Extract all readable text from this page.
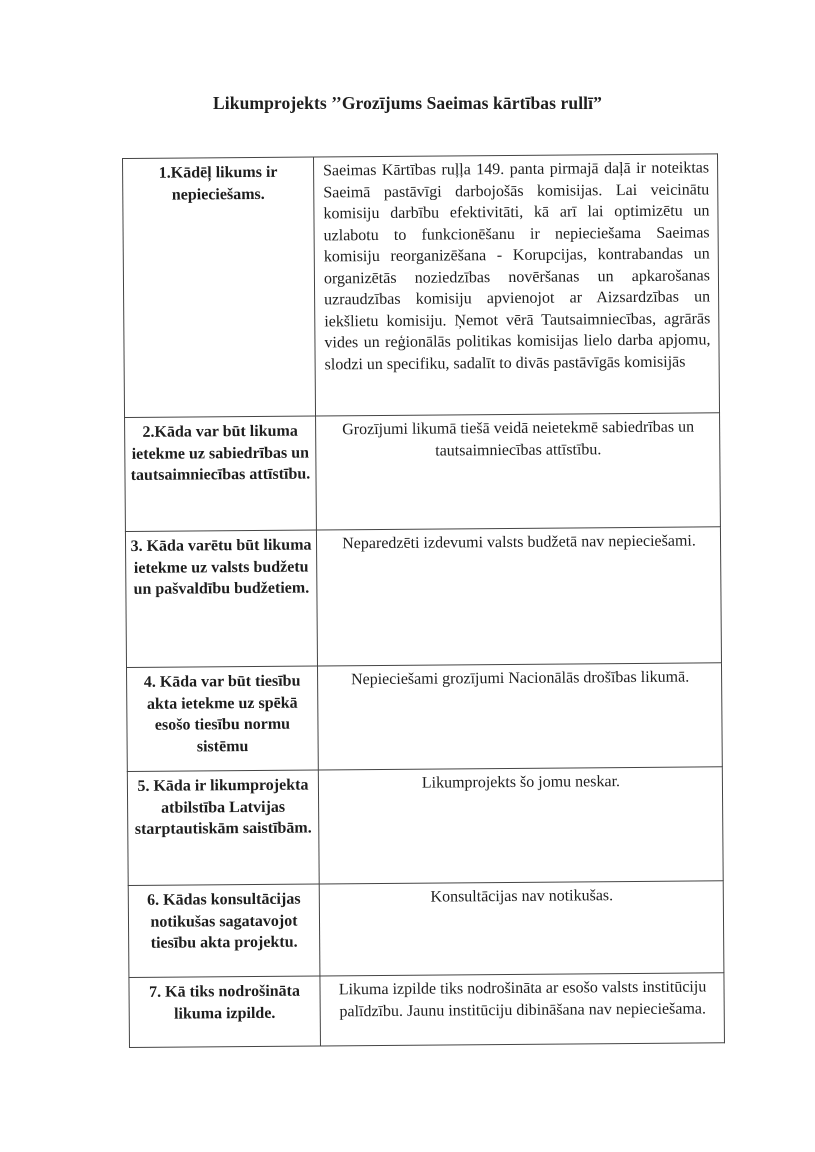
Likumprojekts ’’Grozījums Saeimas kārtības rullī”
1.Kādēļ likums ir nepieciešams.	Saeimas Kārtības ruļļa 149. panta pirmajā daļā ir noteiktas Saeimā pastāvīgi darbojošās komisijas. Lai veicinātu komisiju darbību efektivitāti, kā arī lai optimizētu un uzlabotu to funkcionēšanu ir nepieciešama Saeimas komisiju reorganizēšana - Korupcijas, kontrabandas un organizētās noziedzības novēršanas un apkarošanas uzraudzības komisiju apvienojot ar Aizsardzības un iekšlietu komisiju. Ņemot vērā Tautsaimniecības, agrārās vides un reģionālās politikas komisijas lielo darba apjomu, slodzi un specifiku, sadalīt to divās pastāvīgās komisijās

2.Kāda var būt likuma ietekme uz sabiedrības un tautsaimniecības attīstību.	Grozījumi likumā tiešā veidā neietekmē sabiedrības un tautsaimniecības attīstību.
3. Kāda varētu būt likuma ietekme uz valsts budžetu un pašvaldību budžetiem.	Neparedzēti izdevumi valsts budžetā nav nepieciešami.
4. Kāda var būt tiesību akta ietekme uz spēkā esošo tiesību normu sistēmu	Nepieciešami grozījumi Nacionālās drošības likumā.
5. Kāda ir likumprojekta atbilstība Latvijas starptautiskām saistībām.	Likumprojekts šo jomu neskar.
6. Kādas konsultācijas notikušas sagatavojot tiesību akta projektu.	Konsultācijas nav notikušas.
7. Kā tiks nodrošināta likuma izpilde.	Likuma izpilde tiks nodrošināta ar esošo valsts institūciju palīdzību. Jaunu institūciju dibināšana nav nepieciešama.
